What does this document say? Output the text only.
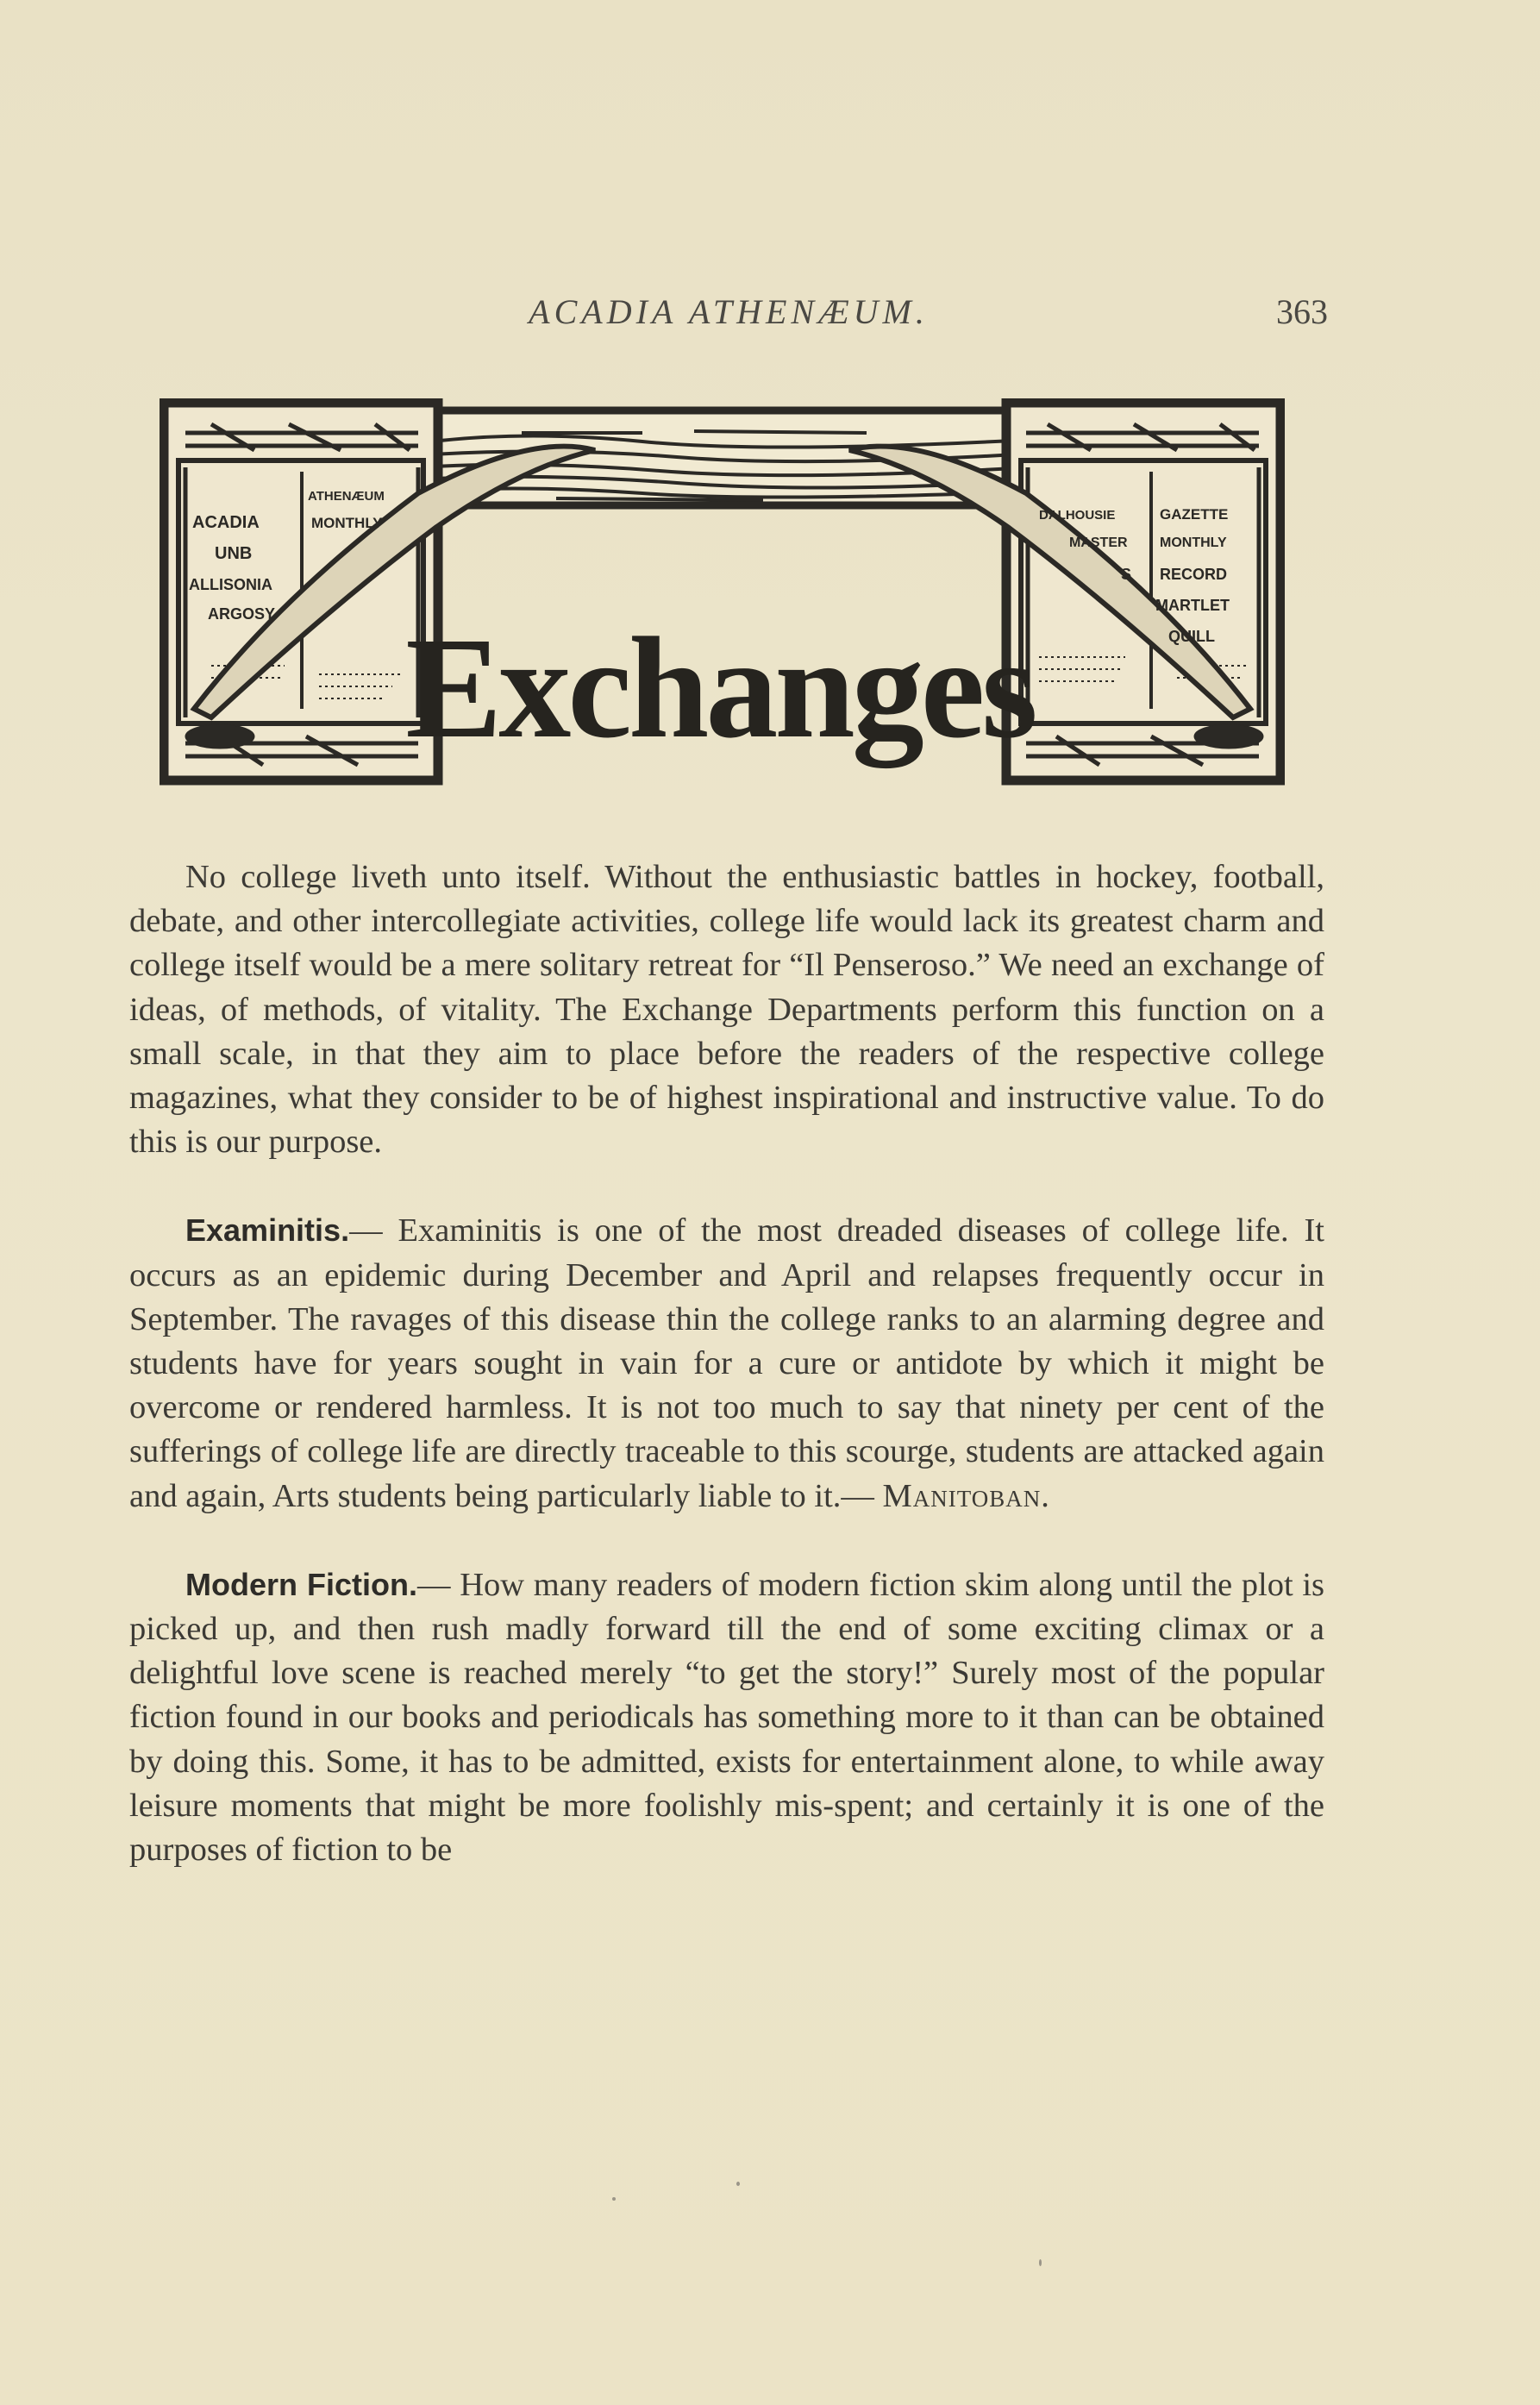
ACADIA ATHENÆUM.	363
ACADIA
ATHENÆUM
UNB
MONTHLY
ALLISONIA
ARGOSY
DALHOUSIE	GAZETTE
MASTER MONTHLY
S RECORD
MARTLET
QUILL
Exchanges

No college liveth unto itself. Without the enthusiastic battles in hockey, football, debate, and other intercollegiate activities, college life would lack its greatest charm and college itself would be a mere solitary retreat for “Il Penseroso.” We need an exchange of ideas, of methods, of vitality. The Exchange Departments perform this function on a small scale, in that they aim to place before the readers of the respective college magazines, what they consider to be of highest inspirational and instructive value. To do this is our purpose.

Examinitis.— Examinitis is one of the most dreaded diseases of college life. It occurs as an epidemic during December and April and relapses frequently occur in September. The ravages of this disease thin the college ranks to an alarming degree and students have for years sought in vain for a cure or antidote by which it might be overcome or rendered harmless. It is not too much to say that ninety per cent of the sufferings of college life are directly traceable to this scourge, students are attacked again and again, Arts students being particularly liable to it.— Manitoban.

Modern Fiction.— How many readers of modern fiction skim along until the plot is picked up, and then rush madly forward till the end of some exciting climax or a delightful love scene is reached merely “to get the story!” Surely most of the popular fiction found in our books and periodicals has something more to it than can be obtained by doing this. Some, it has to be admitted, exists for entertainment alone, to while away leisure moments that might be more foolishly mis-spent; and certainly it is one of the purposes of fiction to be
